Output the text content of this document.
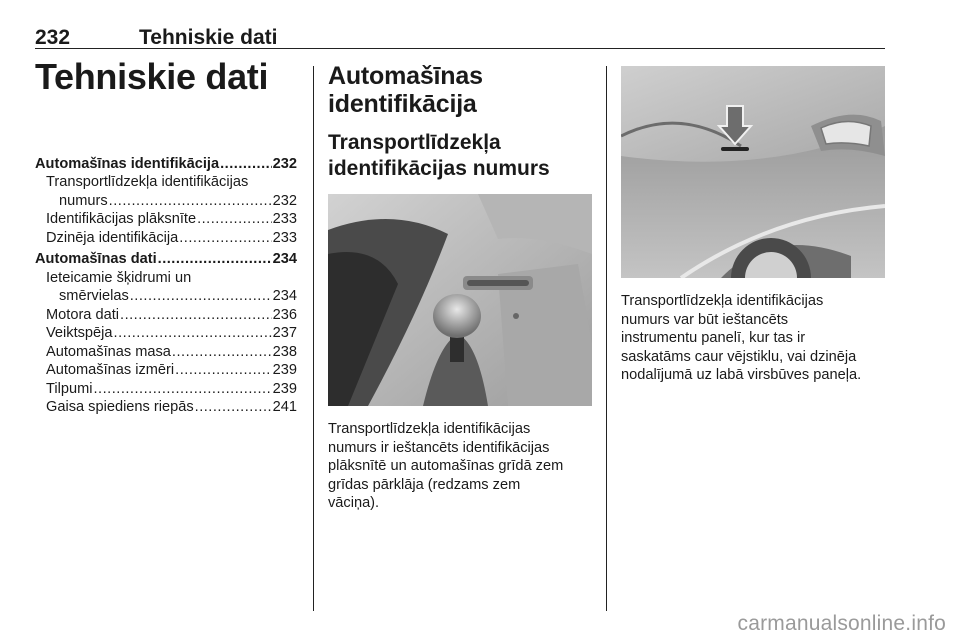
232	Tehniskie dati
Tehniskie dati
Automašīnas identifikācija .....	232
Transportlīdzekļa identifikācijas
numurs .....	232
Identifikācijas plāksnīte .....	233
Dzinēja identifikācija .....	233
Automašīnas dati .....	234
Ieteicamie šķidrumi un
smērvielas .....	234
Motora dati .....	236
Veiktspēja .....	237
Automašīnas masa .....	238
Automašīnas izmēri .....	239
Tilpumi .....	239
Gaisa spiediens riepās .....	241
Automašīnas
identifikācija
Transportlīdzekļa
identifikācijas numurs
Transportlīdzekļa identifikācijas
numurs ir ieštancēts identifikācijas
plāksnītē un automašīnas grīdā zem
grīdas pārklāja (redzams zem
vāciņa).
Transportlīdzekļa identifikācijas
numurs var būt ieštancēts
instrumentu panelī, kur tas ir
saskatāms caur vējstiklu, vai dzinēja
nodalījumā uz labā virsbūves paneļa.
carmanualsonline.info
